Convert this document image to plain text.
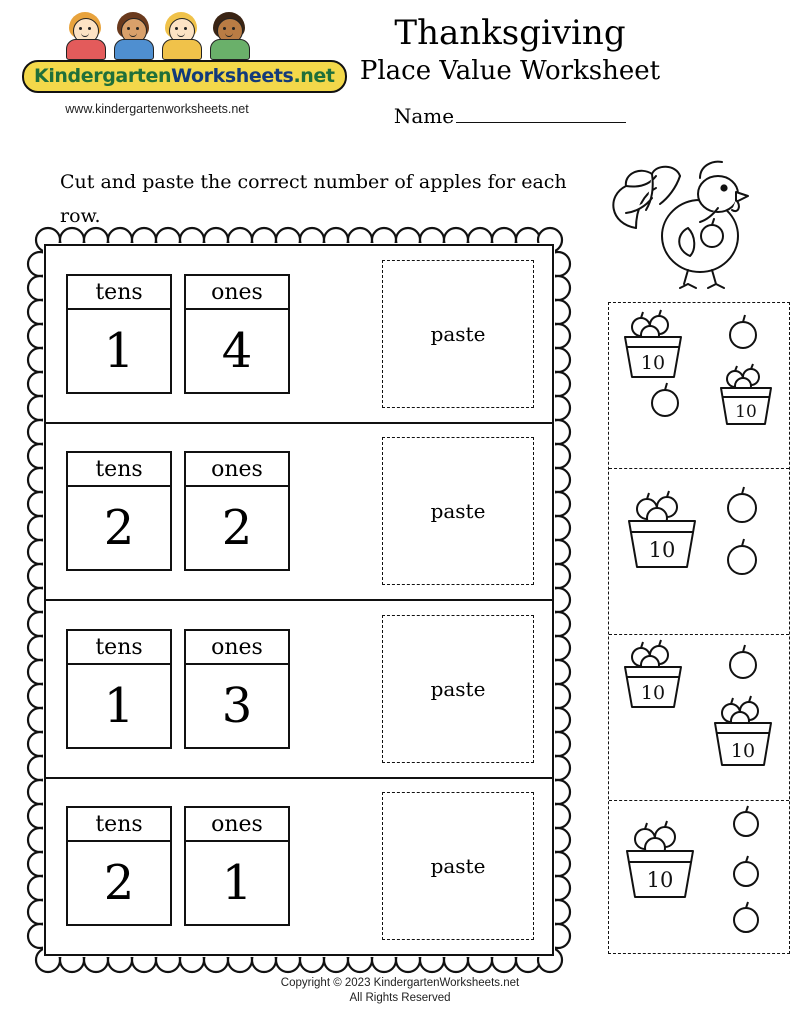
KindergartenWorksheets.net
www.kindergartenworksheets.net
Thanksgiving
Place Value Worksheet
Name
Cut and paste the correct number of apples for each row.
tens
1
ones
4	paste
tens
2
ones
2	paste
tens
1
ones
3	paste
tens
2
ones
1	paste
10
10
10
10
10
10
Copyright © 2023 KindergartenWorksheets.net
All Rights Reserved
